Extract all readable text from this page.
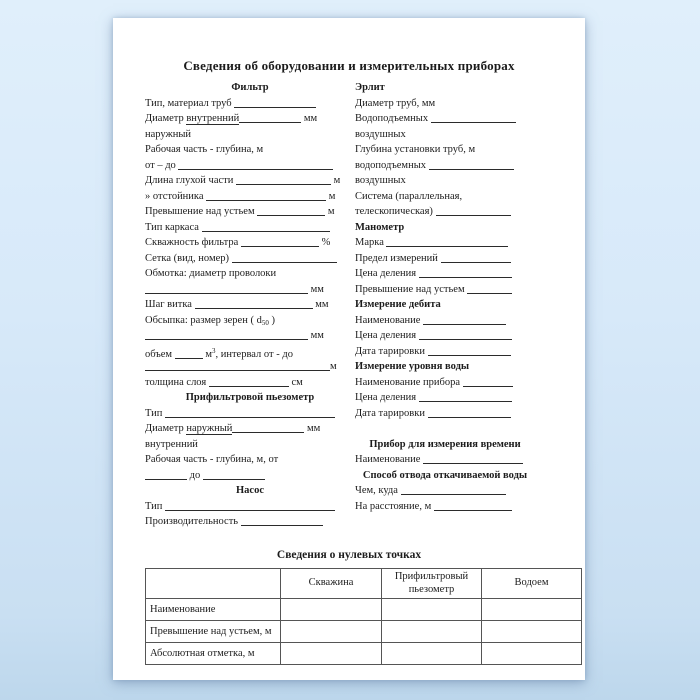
Сведения об оборудовании и измерительных приборах
Фильтр
Тип, материал труб
Диаметр внутренний	мм
наружный
Рабочая часть - глубина, м
от – до
Длина глухой части	м
» отстойника	м
Превышение над устьем	м
Тип каркаса
Скважность фильтра	%
Сетка (вид, номер)
Обмотка: диаметр проволоки
мм
Шаг витка	мм
Обсыпка: размер зерен ( $d_{50}$ )
мм
объем	$м^3$, интервал от - до
м
толщина слоя	см
Прифильтровой пьезометр
Тип
Диаметр наружный	мм
внутренний
Рабочая часть - глубина, м, от
до
Насос
Тип
Производительность
Эрлит
Диаметр труб, мм
Водоподъемных
воздушных
Глубина установки труб, м
водоподъемных
воздушных
Система (параллельная,
телескопическая)
Манометр
Марка
Предел измерений
Цена деления
Превышение над устьем
Измерение дебита
Наименование
Цена деления
Дата тарировки
Измерение уровня воды
Наименование прибора
Цена деления
Дата тарировки
Прибор для измерения времени
Наименование
Способ отвода откачиваемой воды
Чем, куда
На расстояние, м
Сведения о нулевых точках
	Скважина	Прифильтровый пьезометр	Водоем
Наименование			
Превышение над устьем, м			
Абсолютная отметка, м			
